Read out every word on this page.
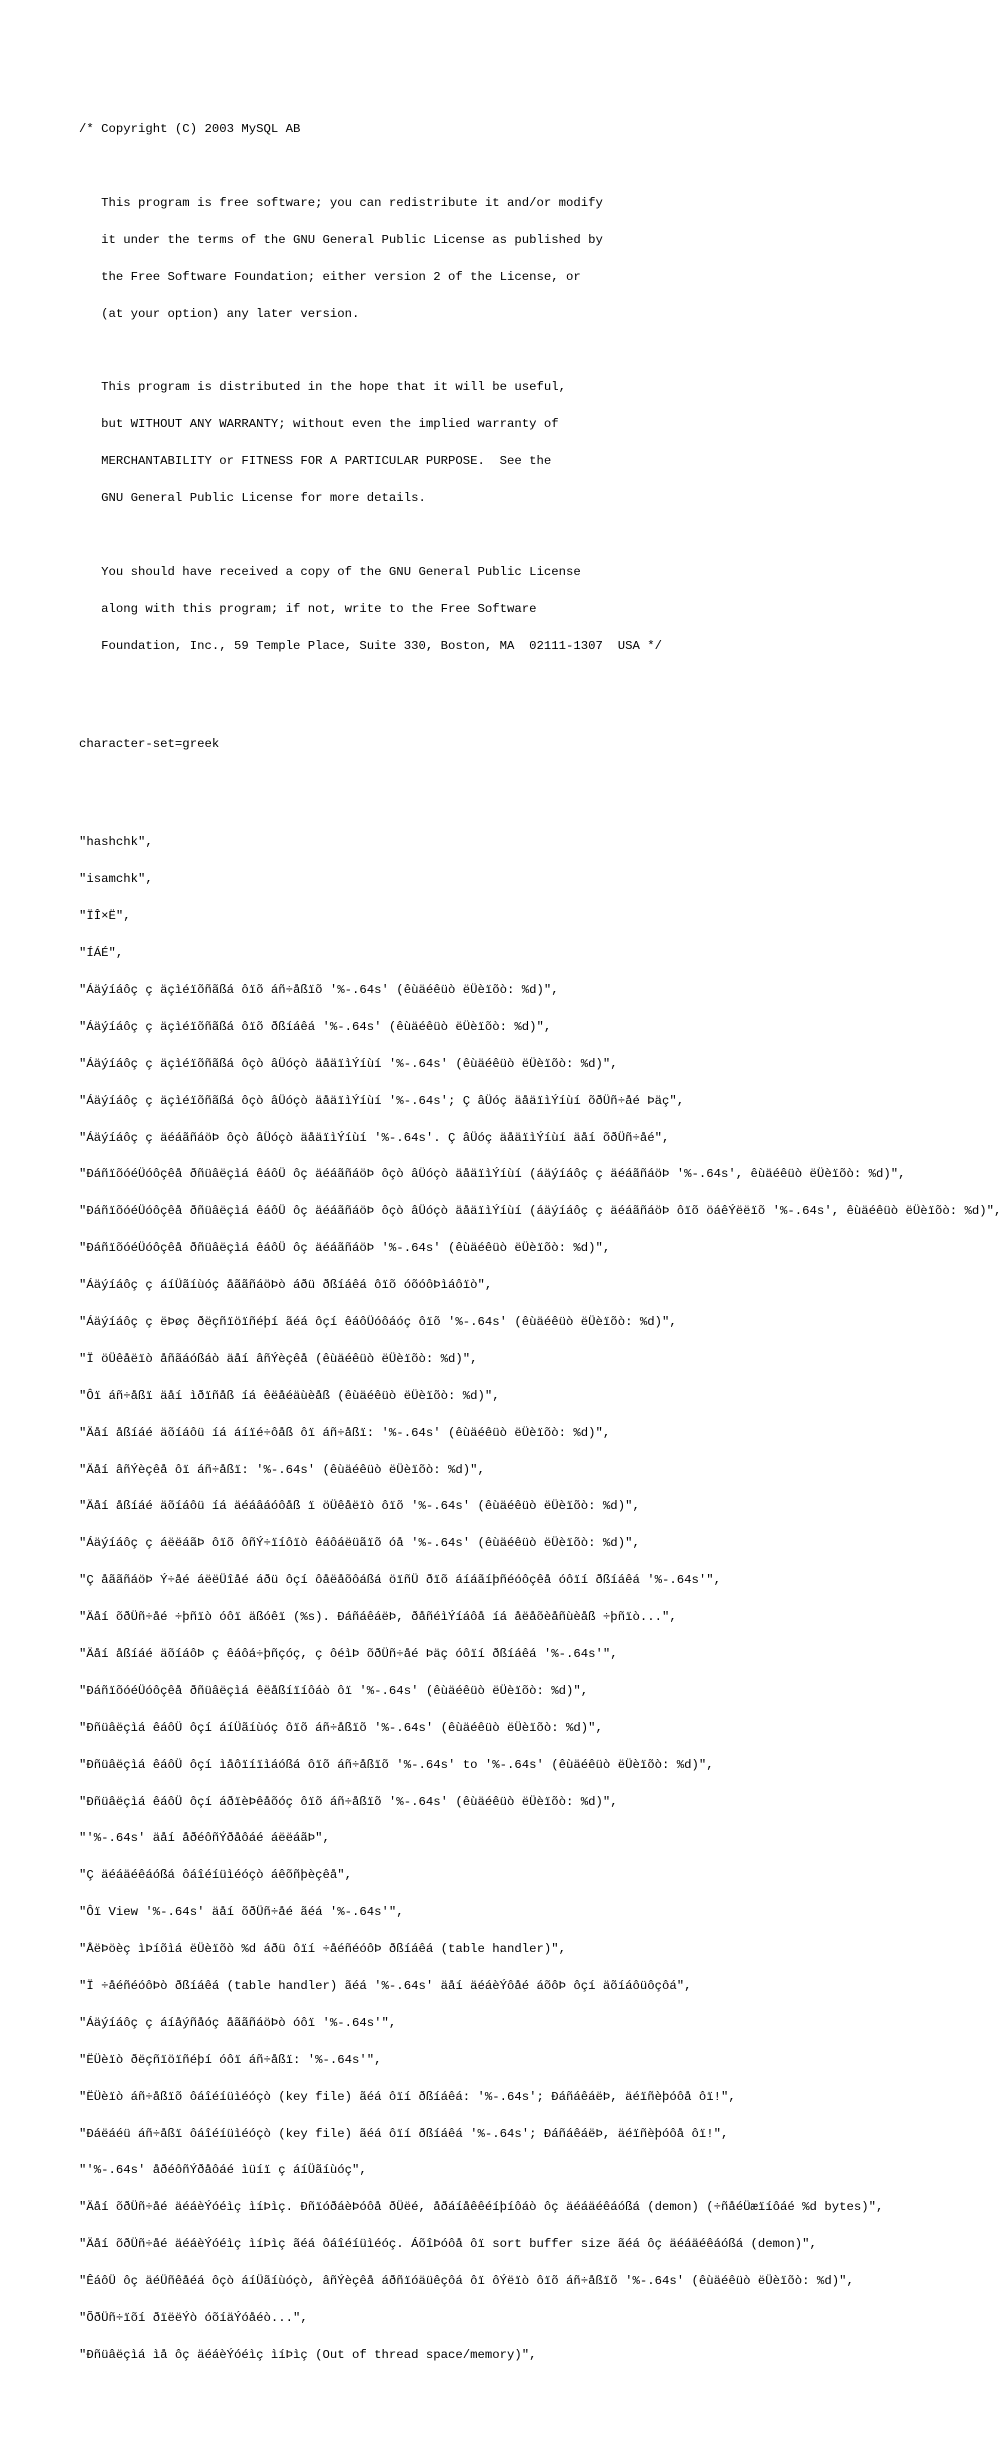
/* Copyright (C) 2003 MySQL AB

This program is free software; you can redistribute it and/or modify

it under the terms of the GNU General Public License as published by

the Free Software Foundation; either version 2 of the License, or

(at your option) any later version.

This program is distributed in the hope that it will be useful,

but WITHOUT ANY WARRANTY; without even the implied warranty of

MERCHANTABILITY or FITNESS FOR A PARTICULAR PURPOSE.  See the

GNU General Public License for more details.

You should have received a copy of the GNU General Public License

along with this program; if not, write to the Free Software

Foundation, Inc., 59 Temple Place, Suite 330, Boston, MA  02111-1307  USA */

character-set=greek

"hashchk",

"isamchk",

"ÏÎ×Ë",

"ÍÁÉ",

"Áäýíáôç ç äçìéïõñãßá ôïõ áñ÷åßïõ '%-.64s' (êùäéêüò ëÜèïõò: %d)",

"Áäýíáôç ç äçìéïõñãßá ôïõ ðßíáêá '%-.64s' (êùäéêüò ëÜèïõò: %d)",

"Áäýíáôç ç äçìéïõñãßá ôçò âÜóçò äåäïìÝíùí '%-.64s' (êùäéêüò ëÜèïõò: %d)",

"Áäýíáôç ç äçìéïõñãßá ôçò âÜóçò äåäïìÝíùí '%-.64s'; Ç âÜóç äåäïìÝíùí õðÜñ÷åé Þäç",

"Áäýíáôç ç äéáãñáöÞ ôçò âÜóçò äåäïìÝíùí '%-.64s'. Ç âÜóç äåäïìÝíùí äåí õðÜñ÷åé",

"ÐáñïõóéÜóôçêå ðñüâëçìá êáôÜ ôç äéáãñáöÞ ôçò âÜóçò äåäïìÝíùí (áäýíáôç ç äéáãñáöÞ '%-.64s', êùäéêüò ëÜèïõò: %d)",

"ÐáñïõóéÜóôçêå ðñüâëçìá êáôÜ ôç äéáãñáöÞ ôçò âÜóçò äåäïìÝíùí (áäýíáôç ç äéáãñáöÞ ôïõ öáêÝëëïõ '%-.64s', êùäéêüò ëÜèïõò: %d)",

"ÐáñïõóéÜóôçêå ðñüâëçìá êáôÜ ôç äéáãñáöÞ '%-.64s' (êùäéêüò ëÜèïõò: %d)",

"Áäýíáôç ç áíÜãíùóç åããñáöÞò áðü ðßíáêá ôïõ óõóôÞìáôïò",

"Áäýíáôç ç ëÞøç ðëçñïöïñéþí ãéá ôçí êáôÜóôáóç ôïõ '%-.64s' (êùäéêüò ëÜèïõò: %d)",

"Ï öÜêåëïò åñãáóßáò äåí âñÝèçêå (êùäéêüò ëÜèïõò: %d)",

"Ôï áñ÷åßï äåí ìðïñåß íá êëåéäùèåß (êùäéêüò ëÜèïõò: %d)",

"Äåí åßíáé äõíáôü íá áíïé÷ôåß ôï áñ÷åßï: '%-.64s' (êùäéêüò ëÜèïõò: %d)",

"Äåí âñÝèçêå ôï áñ÷åßï: '%-.64s' (êùäéêüò ëÜèïõò: %d)",

"Äåí åßíáé äõíáôü íá äéáâáóôåß ï öÜêåëïò ôïõ '%-.64s' (êùäéêüò ëÜèïõò: %d)",

"Áäýíáôç ç áëëáãÞ ôïõ ôñÝ÷ïíôïò êáôáëüãïõ óå '%-.64s' (êùäéêüò ëÜèïõò: %d)",

"Ç åããñáöÞ Ý÷åé áëëÜîåé áðü ôçí ôåëåõôáßá öïñÜ ðïõ áíáãíþñéóôçêå óôïí ðßíáêá '%-.64s'",

"Äåí õðÜñ÷åé ÷þñïò óôï äßóêï (%s). ÐáñáêáëÞ, ðåñéìÝíáôå íá åëåõèåñùèåß ÷þñïò...",

"Äåí åßíáé äõíáôÞ ç êáôá÷þñçóç, ç ôéìÞ õðÜñ÷åé Þäç óôïí ðßíáêá '%-.64s'",

"ÐáñïõóéÜóôçêå ðñüâëçìá êëåßíïíôáò ôï '%-.64s' (êùäéêüò ëÜèïõò: %d)",

"Ðñüâëçìá êáôÜ ôçí áíÜãíùóç ôïõ áñ÷åßïõ '%-.64s' (êùäéêüò ëÜèïõò: %d)",

"Ðñüâëçìá êáôÜ ôçí ìåôïíïìáóßá ôïõ áñ÷åßïõ '%-.64s' to '%-.64s' (êùäéêüò ëÜèïõò: %d)",

"Ðñüâëçìá êáôÜ ôçí áðïèÞêåõóç ôïõ áñ÷åßïõ '%-.64s' (êùäéêüò ëÜèïõò: %d)",

"'%-.64s' äåí åðéôñÝðåôáé áëëáãÞ",

"Ç äéáäéêáóßá ôáîéíüìéóçò áêõñþèçêå",

"Ôï View '%-.64s' äåí õðÜñ÷åé ãéá '%-.64s'",

"ÅëÞöèç ìÞíõìá ëÜèïõò %d áðü ôïí ÷åéñéóôÞ ðßíáêá (table handler)",

"Ï ÷åéñéóôÞò ðßíáêá (table handler) ãéá '%-.64s' äåí äéáèÝôåé áõôÞ ôçí äõíáôüôçôá",

"Áäýíáôç ç áíåýñåóç åããñáöÞò óôï '%-.64s'",

"ËÜèïò ðëçñïöïñéþí óôï áñ÷åßï: '%-.64s'",

"ËÜèïò áñ÷åßïõ ôáîéíüìéóçò (key file) ãéá ôïí ðßíáêá: '%-.64s'; ÐáñáêáëÞ, äéïñèþóôå ôï!",

"Ðáëáéü áñ÷åßï ôáîéíüìéóçò (key file) ãéá ôïí ðßíáêá '%-.64s'; ÐáñáêáëÞ, äéïñèþóôå ôï!",

"'%-.64s' åðéôñÝðåôáé ìüíï ç áíÜãíùóç",

"Äåí õðÜñ÷åé äéáèÝóéìç ìíÞìç. ÐñïóðáèÞóôå ðÜëé, åðáíåêêéíþíôáò ôç äéáäéêáóßá (demon) (÷ñåéÜæïíôáé %d bytes)",

"Äåí õðÜñ÷åé äéáèÝóéìç ìíÞìç ãéá ôáîéíüìéóç. ÁõîÞóôå ôï sort buffer size ãéá ôç äéáäéêáóßá (demon)",

"ÊáôÜ ôç äéÜñêåéá ôçò áíÜãíùóçò, âñÝèçêå áðñïóäüêçôá ôï ôÝëïò ôïõ áñ÷åßïõ '%-.64s' (êùäéêüò ëÜèïõò: %d)",

"ÕðÜñ÷ïõí ðïëëÝò óõíäÝóåéò...",

"Ðñüâëçìá ìå ôç äéáèÝóéìç ìíÞìç (Out of thread space/memory)",
